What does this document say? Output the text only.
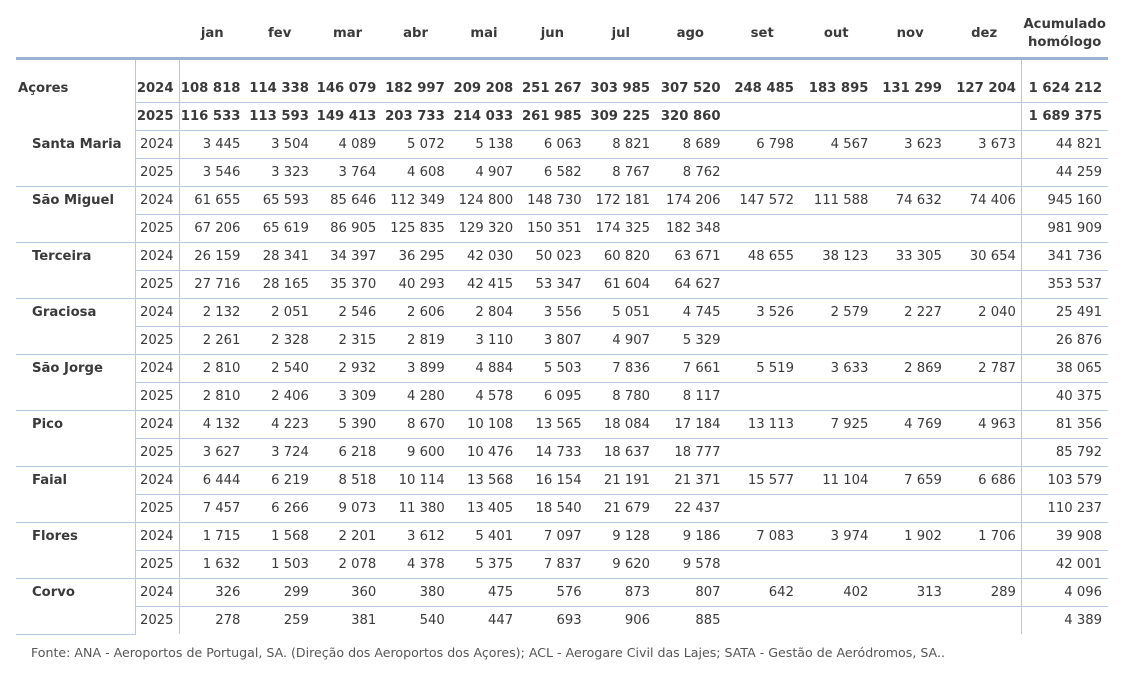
		jan	fev	mar	abr	mai	jun	jul	ago	set	out	nov	dez	Acumulado
homólogo

Açores	2024	108 818	114 338	146 079	182 997	209 208	251 267	303 985	307 520	248 485	183 895	131 299	127 204	1 624 212
	2025	116 533	113 593	149 413	203 733	214 033	261 985	309 225	320 860					1 689 375
Santa Maria	2024	3 445	3 504	4 089	5 072	5 138	6 063	8 821	8 689	6 798	4 567	3 623	3 673	44 821
	2025	3 546	3 323	3 764	4 608	4 907	6 582	8 767	8 762					44 259
São Miguel	2024	61 655	65 593	85 646	112 349	124 800	148 730	172 181	174 206	147 572	111 588	74 632	74 406	945 160
	2025	67 206	65 619	86 905	125 835	129 320	150 351	174 325	182 348					981 909
Terceira	2024	26 159	28 341	34 397	36 295	42 030	50 023	60 820	63 671	48 655	38 123	33 305	30 654	341 736
	2025	27 716	28 165	35 370	40 293	42 415	53 347	61 604	64 627					353 537
Graciosa	2024	2 132	2 051	2 546	2 606	2 804	3 556	5 051	4 745	3 526	2 579	2 227	2 040	25 491
	2025	2 261	2 328	2 315	2 819	3 110	3 807	4 907	5 329					26 876
São Jorge	2024	2 810	2 540	2 932	3 899	4 884	5 503	7 836	7 661	5 519	3 633	2 869	2 787	38 065
	2025	2 810	2 406	3 309	4 280	4 578	6 095	8 780	8 117					40 375
Pico	2024	4 132	4 223	5 390	8 670	10 108	13 565	18 084	17 184	13 113	7 925	4 769	4 963	81 356
	2025	3 627	3 724	6 218	9 600	10 476	14 733	18 637	18 777					85 792
Faial	2024	6 444	6 219	8 518	10 114	13 568	16 154	21 191	21 371	15 577	11 104	7 659	6 686	103 579
	2025	7 457	6 266	9 073	11 380	13 405	18 540	21 679	22 437					110 237
Flores	2024	1 715	1 568	2 201	3 612	5 401	7 097	9 128	9 186	7 083	3 974	1 902	1 706	39 908
	2025	1 632	1 503	2 078	4 378	5 375	7 837	9 620	9 578					42 001
Corvo	2024	326	299	360	380	475	576	873	807	642	402	313	289	4 096
	2025	278	259	381	540	447	693	906	885					4 389
Fonte: ANA - Aeroportos de Portugal, SA. (Direção dos Aeroportos dos Açores); ACL - Aerogare Civil das Lajes; SATA - Gestão de Aeródromos, SA..
